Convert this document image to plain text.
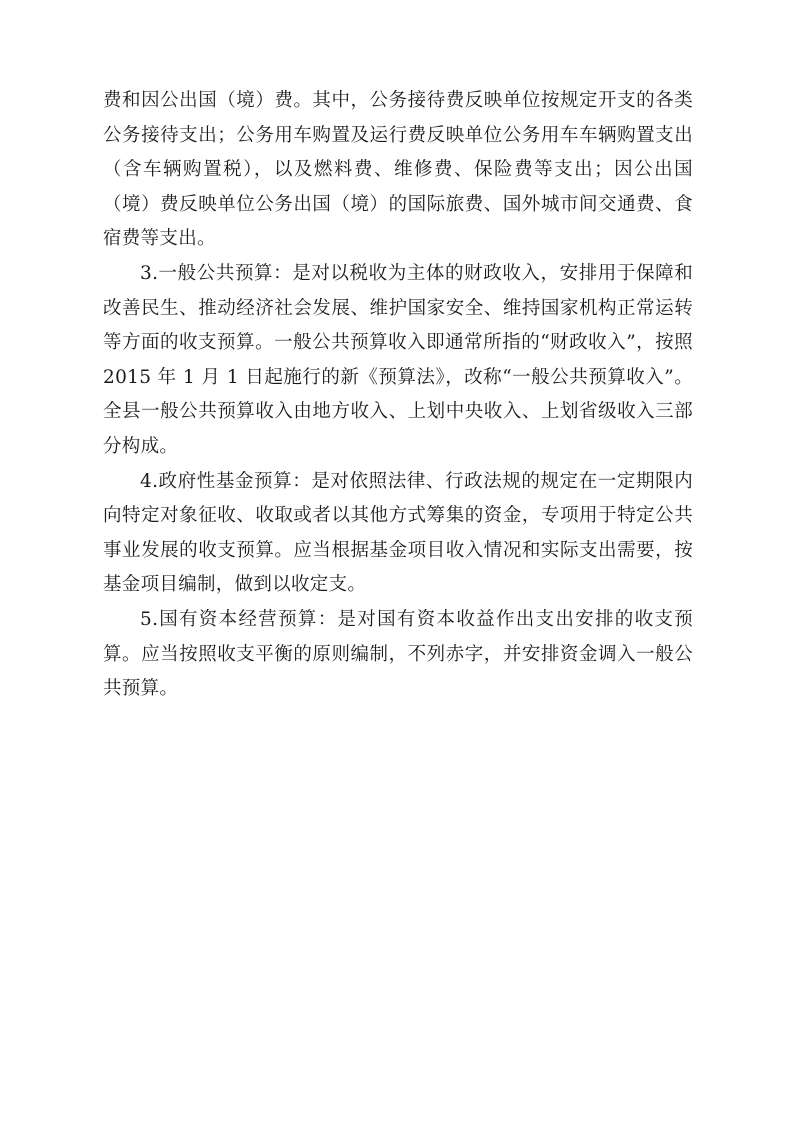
费和因公出国（境）费。其中，公务接待费反映单位按规定开支的各类公务接待支出；公务用车购置及运行费反映单位公务用车车辆购置支出（含车辆购置税），以及燃料费、维修费、保险费等支出；因公出国（境）费反映单位公务出国（境）的国际旅费、国外城市间交通费、食宿费等支出。

3.一般公共预算：是对以税收为主体的财政收入，安排用于保障和改善民生、推动经济社会发展、维护国家安全、维持国家机构正常运转等方面的收支预算。一般公共预算收入即通常所指的“财政收入”，按照 2015 年 1 月 1 日起施行的新《预算法》，改称“一般公共预算收入”。全县一般公共预算收入由地方收入、上划中央收入、上划省级收入三部分构成。

4.政府性基金预算：是对依照法律、行政法规的规定在一定期限内向特定对象征收、收取或者以其他方式筹集的资金，专项用于特定公共事业发展的收支预算。应当根据基金项目收入情况和实际支出需要，按基金项目编制，做到以收定支。

5.国有资本经营预算：是对国有资本收益作出支出安排的收支预算。应当按照收支平衡的原则编制，不列赤字，并安排资金调入一般公共预算。
